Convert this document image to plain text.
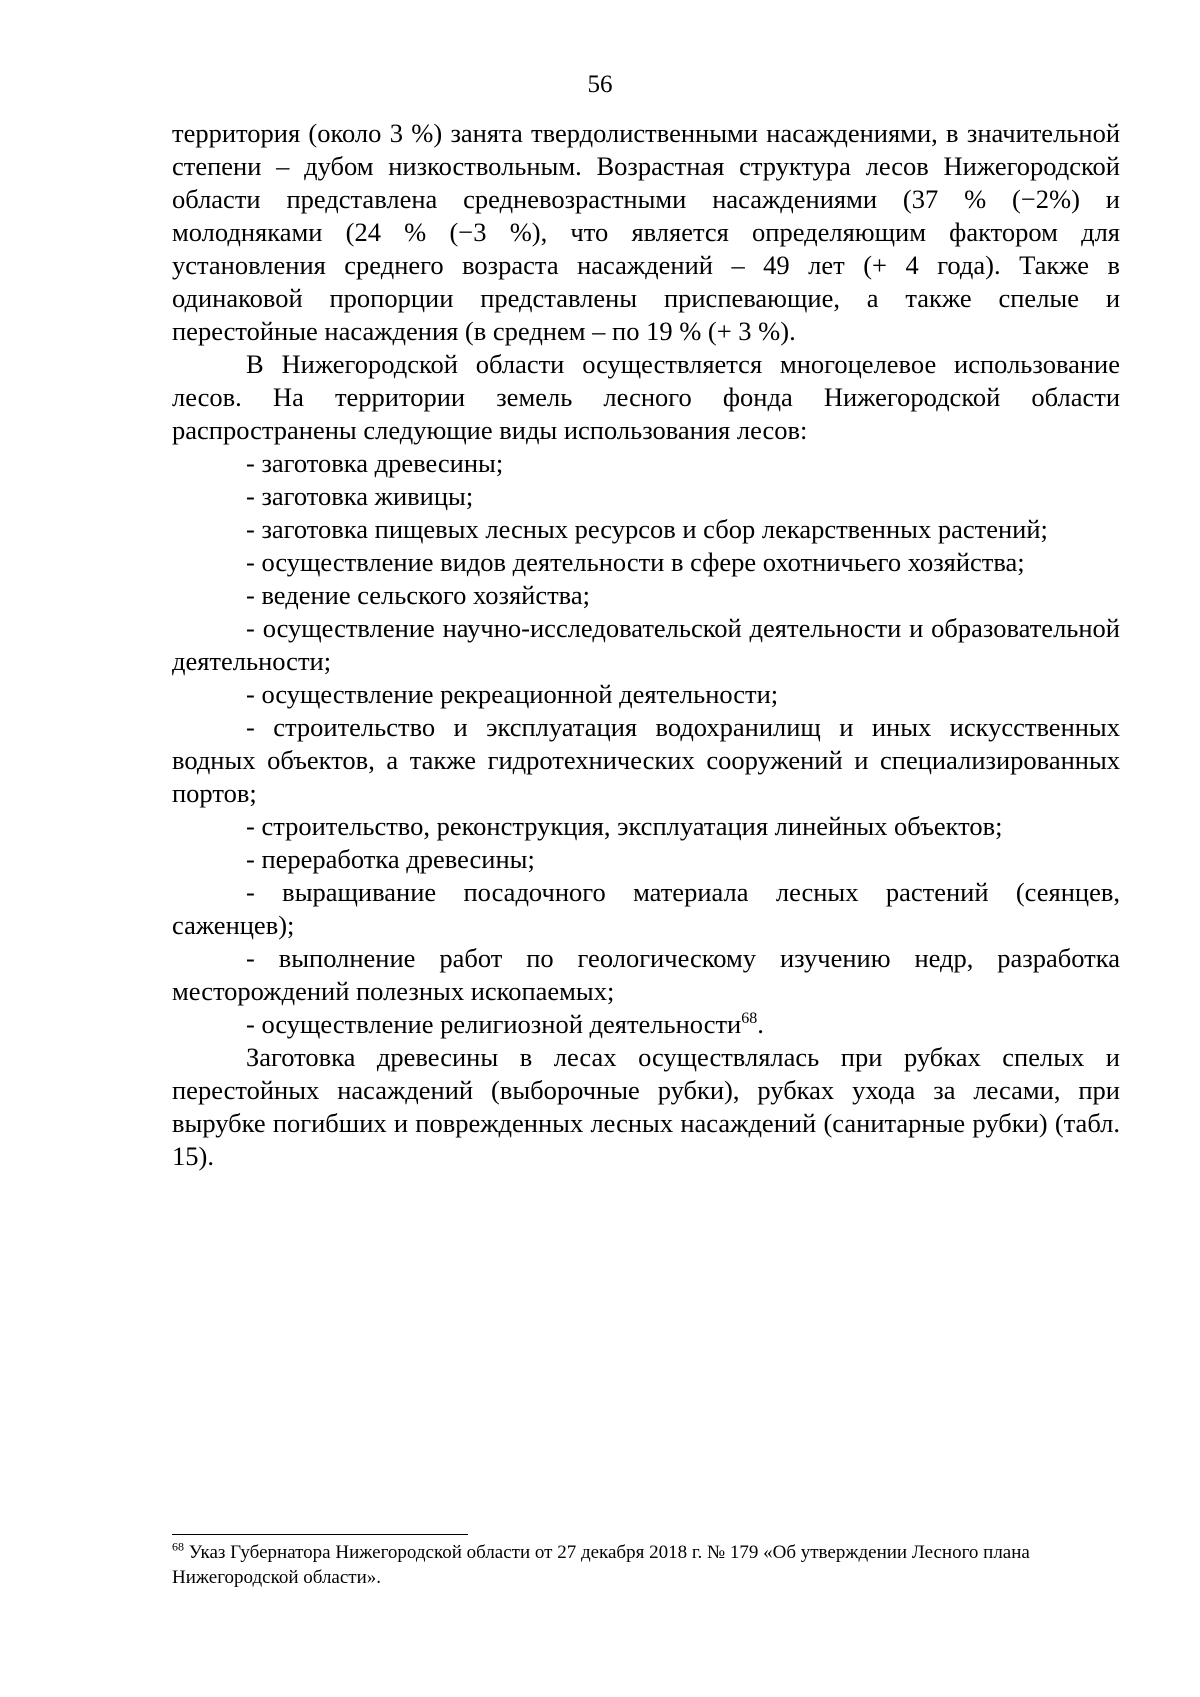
56

территория (около 3 %) занята твердолиственными насаждениями, в значительной степени – дубом низкоствольным. Возрастная структура лесов Нижегородской области представлена средневозрастными насаждениями (37 % (−2%) и молодняками (24 % (−3 %), что является определяющим фактором для установления среднего возраста насаждений – 49 лет (+ 4 года). Также в одинаковой пропорции представлены приспевающие, а также спелые и перестойные насаждения (в среднем – по 19 % (+ 3 %).

В Нижегородской области осуществляется многоцелевое использование лесов. На территории земель лесного фонда Нижегородской области распространены следующие виды использования лесов:

- заготовка древесины;

- заготовка живицы;

- заготовка пищевых лесных ресурсов и сбор лекарственных растений;

- осуществление видов деятельности в сфере охотничьего хозяйства;

- ведение сельского хозяйства;

- осуществление научно-исследовательской деятельности и образовательной деятельности;

- осуществление рекреационной деятельности;

- строительство и эксплуатация водохранилищ и иных искусственных водных объектов, а также гидротехнических сооружений и специализированных портов;

- строительство, реконструкция, эксплуатация линейных объектов;

- переработка древесины;

- выращивание посадочного материала лесных растений (сеянцев, саженцев);

- выполнение работ по геологическому изучению недр, разработка месторождений полезных ископаемых;

- осуществление религиозной деятельности$^{68}$.

Заготовка древесины в лесах осуществлялась при рубках спелых и перестойных насаждений (выборочные рубки), рубках ухода за лесами, при вырубке погибших и поврежденных лесных насаждений (санитарные рубки) (табл. 15).

$^{68}$ Указ Губернатора Нижегородской области от 27 декабря 2018 г. № 179 «Об утверждении Лесного плана Нижегородской области».
